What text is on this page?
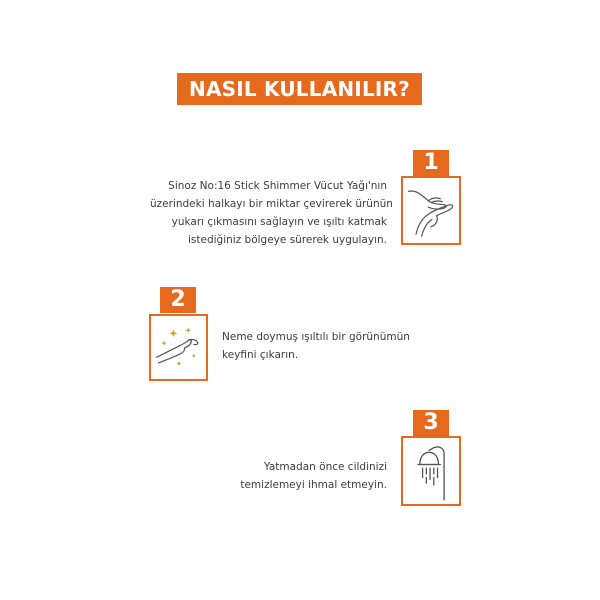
NASIL KULLANILIR?
Sinoz No:16 Stick Shimmer Vücut Yağı'nın
üzerindeki halkayı bir miktar çevirerek ürünün
yukarı çıkmasını sağlayın ve ışıltı katmak
istediğiniz bölgeye sürerek uygulayın.
1
2
Neme doymuş ışıltılı bir görünümün
keyfini çıkarın.
Yatmadan önce cildinizi
temizlemeyi ihmal etmeyin.
3
